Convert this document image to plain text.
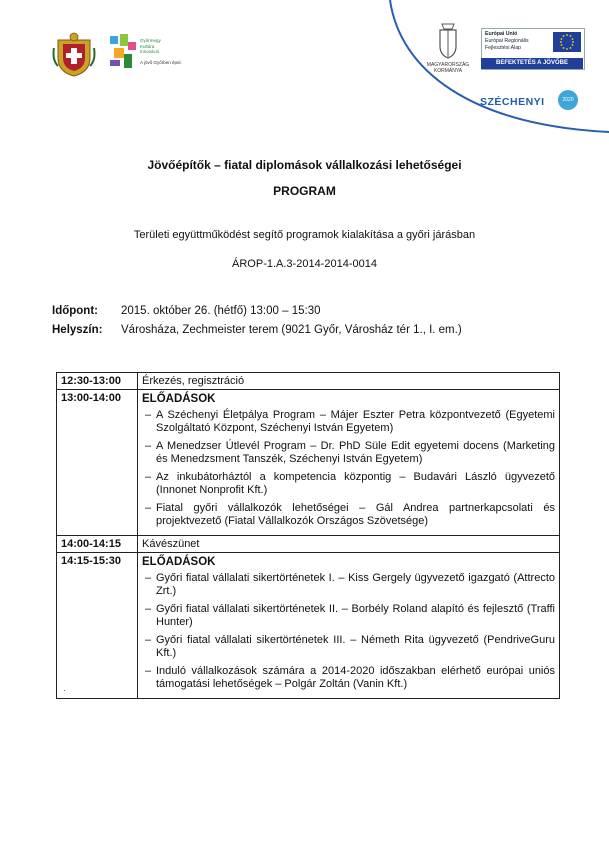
Győrmegy
Kultúra
Innováció
A jövő Győrben épül.	MAGYARORSZÁG
KORMÁNYA
Európai Unió
Európai Regionális
Fejlesztési Alap
BEFEKTETÉS A JÖVŐBE
SZÉCHENYI	2020
Jövőépítők – fiatal diplomások vállalkozási lehetőségei
PROGRAM
Területi együttműködést segítő programok kialakítása a győri járásban
ÁROP-1.A.3-2014-2014-0014
Időpont: 2015. október 26. (hétfő) 13:00 – 15:30
Helyszín: Városháza, Zechmeister terem (9021 Győr, Városház tér 1., I. em.)
12:30-13:00	Érkezés, regisztráció
13:00-14:00	ELŐADÁSOK
– A Széchenyi Életpálya Program – Májer Eszter Petra központvezető (Egyetemi Szolgáltató Központ, Széchenyi István Egyetem)
– A Menedzser Útlevél Program – Dr. PhD Süle Edit egyetemi docens (Marketing és Menedzsment Tanszék, Széchenyi István Egyetem)
– Az inkubátorháztól a kompetencia központig – Budavári László ügyvezető (Innonet Nonprofit Kft.)
– Fiatal győri vállalkozók lehetőségei – Gál Andrea partnerkapcsolati és projektvezető (Fiatal Vállalkozók Országos Szövetsége)

14:00-14:15	Kávészünet
14:15-15:30	ELŐADÁSOK
– Győri fiatal vállalati sikertörténetek I. – Kiss Gergely ügyvezető igazgató (Attrecto Zrt.)
– Győri fiatal vállalati sikertörténetek II. – Borbély Roland alapító és fejlesztő (Traffi Hunter)
– Győri fiatal vállalati sikertörténetek III. – Németh Rita ügyvezető (PendriveGuru Kft.)
– Induló vállalkozások számára a 2014-2020 időszakban elérhető európai uniós támogatási lehetőségek – Polgár Zoltán (Vanin Kft.)
·
